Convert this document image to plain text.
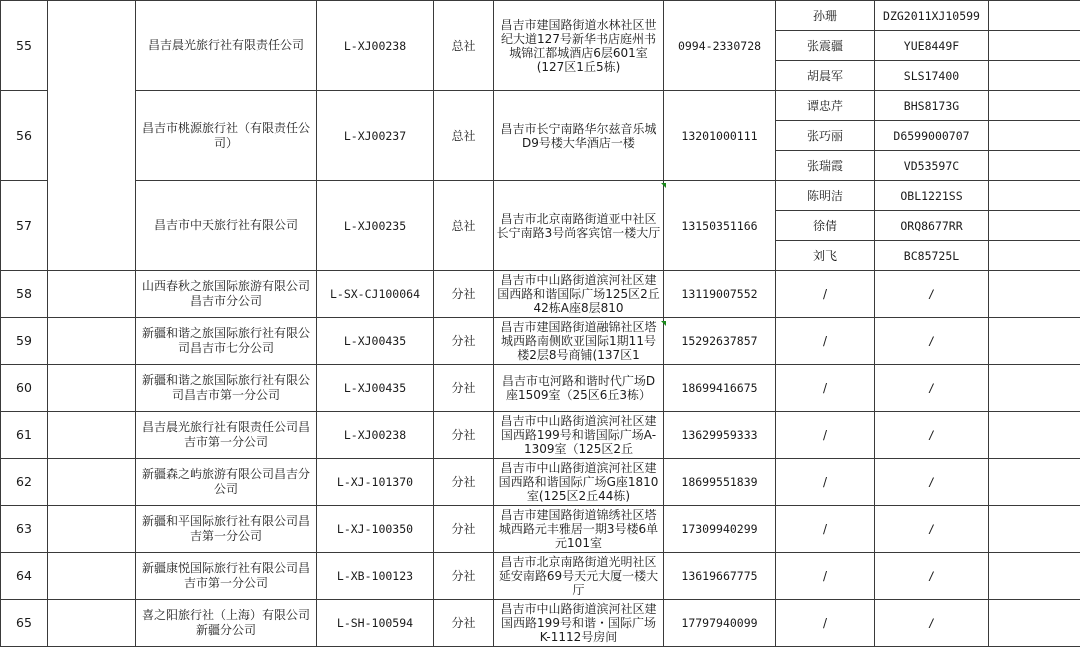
55		昌吉晨光旅行社有限责任公司	L-XJ00238	总社	昌吉市建国路街道水林社区世纪大道127号新华书店庭州书城锦江都城酒店6层601室(127区1丘5栋)	0994-2330728	孙珊	DZG2011XJ10599	
							张震疆	YUE8449F	
							胡晨军	SLS17400	
56		昌吉市桃源旅行社（有限责任公司）	L-XJ00237	总社	昌吉市长宁南路华尔兹音乐城D9号楼大华酒店一楼	13201000111	谭忠芹	BHS8173G	
							张巧丽	D6599000707	
							张瑞霞	VD53597C	
57		昌吉市中天旅行社有限公司	L-XJ00235	总社	昌吉市北京南路街道亚中社区长宁南路3号尚客宾馆一楼大厅	13150351166	陈明洁	OBL1221SS	
							徐倩	ORQ8677RR	
							刘飞	BC85725L	
58		山西春秋之旅国际旅游有限公司昌吉市分公司	L-SX-CJ100064	分社	昌吉市中山路街道滨河社区建国西路和谐国际广场125区2丘42栋A座8层810	13119007552	/	/	
59		新疆和谐之旅国际旅行社有限公司昌吉市七分公司	L-XJ00435	分社	昌吉市建国路街道融锦社区塔城西路南侧欧亚国际1期11号楼2层8号商铺(137区1	15292637857	/	/	
60		新疆和谐之旅国际旅行社有限公司昌吉市第一分公司	L-XJ00435	分社	昌吉市屯河路和谐时代广场D座1509室（25区6丘3栋）	18699416675	/	/	
61		昌吉晨光旅行社有限责任公司昌吉市第一分公司	L-XJ00238	分社	昌吉市中山路街道滨河社区建国西路199号和谐国际广场A-1309室（125区2丘	13629959333	/	/	
62		新疆森之屿旅游有限公司昌吉分公司	L-XJ-101370	分社	昌吉市中山路街道滨河社区建国西路和谐国际广场G座1810室(125区2丘44栋)	18699551839	/	/	
63		新疆和平国际旅行社有限公司昌吉第一分公司	L-XJ-100350	分社	昌吉市建国路街道锦绣社区塔城西路元丰雅居一期3号楼6单元101室	17309940299	/	/	
64		新疆康悦国际旅行社有限公司昌吉市第一分公司	L-XB-100123	分社	昌吉市北京南路街道光明社区延安南路69号天元大厦一楼大厅	13619667775	/	/	
65		喜之阳旅行社（上海）有限公司新疆分公司	L-SH-100594	分社	昌吉市中山路街道滨河社区建国西路199号和谐・国际广场K-1112号房间	17797940099	/	/	
